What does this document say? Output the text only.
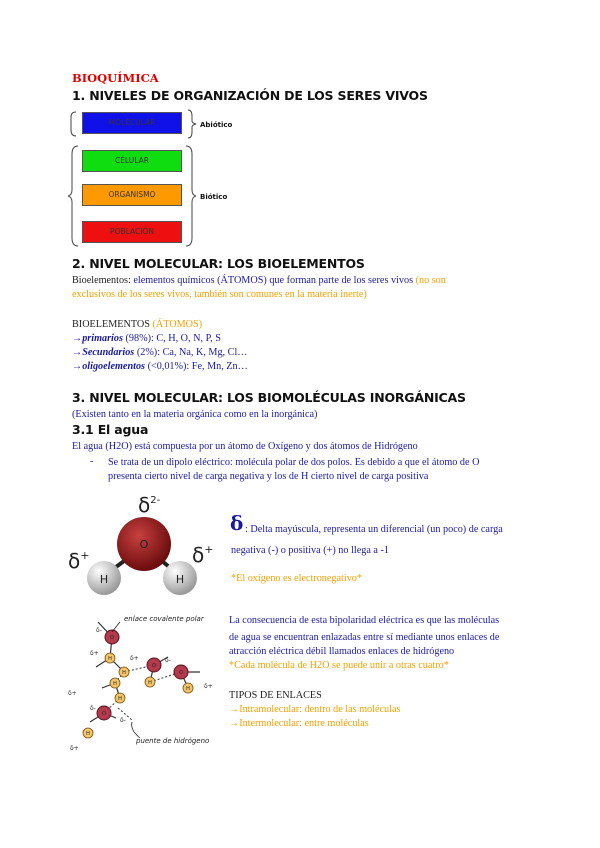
BIOQUÍMICA
1. NIVELES DE ORGANIZACIÓN DE LOS SERES VIVOS
MOLECULAR
CÉLULAR
ORGANISMO
POBLACIÓN
Abiótico
Biótico
2. NIVEL MOLECULAR: LOS BIOELEMENTOS
Bioelementos: elementos químicos (ÁTOMOS) que forman parte de los seres vivos (no son
exclusivos de los seres vivos, también son comunes en la materia inerte)
BIOELEMENTOS (ÁTOMOS)
→primarios (98%): C, H, O, N, P, S
→Secundarios (2%): Ca, Na, K, Mg, Cl…
→oligoelementos (<0,01%): Fe, Mn, Zn…
3. NIVEL MOLECULAR: LOS BIOMOLÉCULAS INORGÁNICAS
(Existen tanto en la materia orgánica como en la inorgánica)
3.1 El agua
El agua (H2O) está compuesta por un átomo de Oxígeno y dos átomos de Hidrógeno
- Se trata de un dipolo eléctrico: molécula polar de dos polos. Es debido a que el átomo de O
presenta cierto nivel de carga negativa y los de H cierto nivel de carga positiva
O
H	H
$\delta^{2-}$
δ+	δ+
δ : Delta mayúscula, representa un diferencial (un poco) de carga
negativa (-) o positiva (+) no llega a -1
*El oxígeno es electronegativo*
O
O
O
O
H
H
H
H
H
H
H
δ-
δ+
δ+	δ-
δ+
δ+
δ-
δ-
δ+
enlace covalente polar
puente de hidrógeno
La consecuencia de esta bipolaridad eléctrica es que las moléculas
de agua se encuentran enlazadas entre sí mediante unos enlaces de
atracción eléctrica débil llamados enlaces de hidrógeno
*Cada molécula de H2O se puede unir a otras cuatro*
TIPOS DE ENLACES
→Intramolecular: dentro de las moléculas
→Intermolecular: entre moléculas
